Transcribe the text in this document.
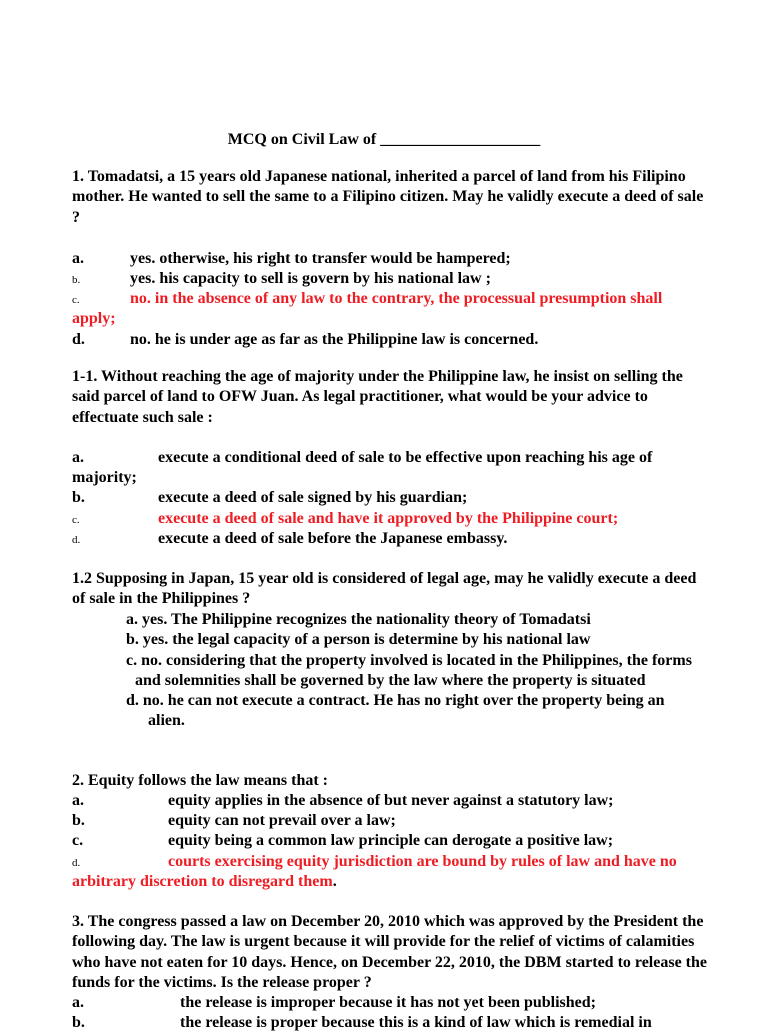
MCQ on Civil Law of ____________________
1. Tomadatsi, a 15 years old Japanese national, inherited a parcel of land from his Filipino mother. He wanted to sell the same to a Filipino citizen. May he validly execute a deed of sale ?
a.	yes. otherwise, his right to transfer would be hampered;
b.	yes. his capacity to sell is govern by his national law ;
c.	no. in the absence of any law to the contrary, the processual presumption shall
apply;
d.	no. he is under age as far as the Philippine law is concerned.
1-1. Without reaching the age of majority under the Philippine law, he insist on selling the said parcel of land to OFW Juan. As legal practitioner, what would be your advice to effectuate such sale :
a.	execute a conditional deed of sale to be effective upon reaching his age of
majority;
b.	execute a deed of sale signed by his guardian;
c.	execute a deed of sale and have it approved by the Philippine court;
d.	execute a deed of sale before the Japanese embassy.
1.2 Supposing in Japan, 15 year old is considered of legal age, may he validly execute a deed of sale in the Philippines ?
a. yes. The Philippine recognizes the nationality theory of Tomadatsi
b. yes. the legal capacity of a person is determine by his national law
c. no. considering that the property involved is located in the Philippines, the forms
and solemnities shall be governed by the law where the property is situated
d. no. he can not execute a contract. He has no right over the property being an
alien.
2. Equity follows the law means that :
a.	equity applies in the absence of but never against a statutory law;
b.	equity can not prevail over a law;
c.	equity being a common law principle can derogate a positive law;
d.	courts exercising equity jurisdiction are bound by rules of law and have no
arbitrary discretion to disregard them.
3. The congress passed a law on December 20, 2010 which was approved by the President the following day. The law is urgent because it will provide for the relief of victims of calamities who have not eaten for 10 days. Hence, on December 22, 2010, the DBM started to release the funds for the victims. Is the release proper ?
a.	the release is improper because it has not yet been published;
b.	the release is proper because this is a kind of law which is remedial in
